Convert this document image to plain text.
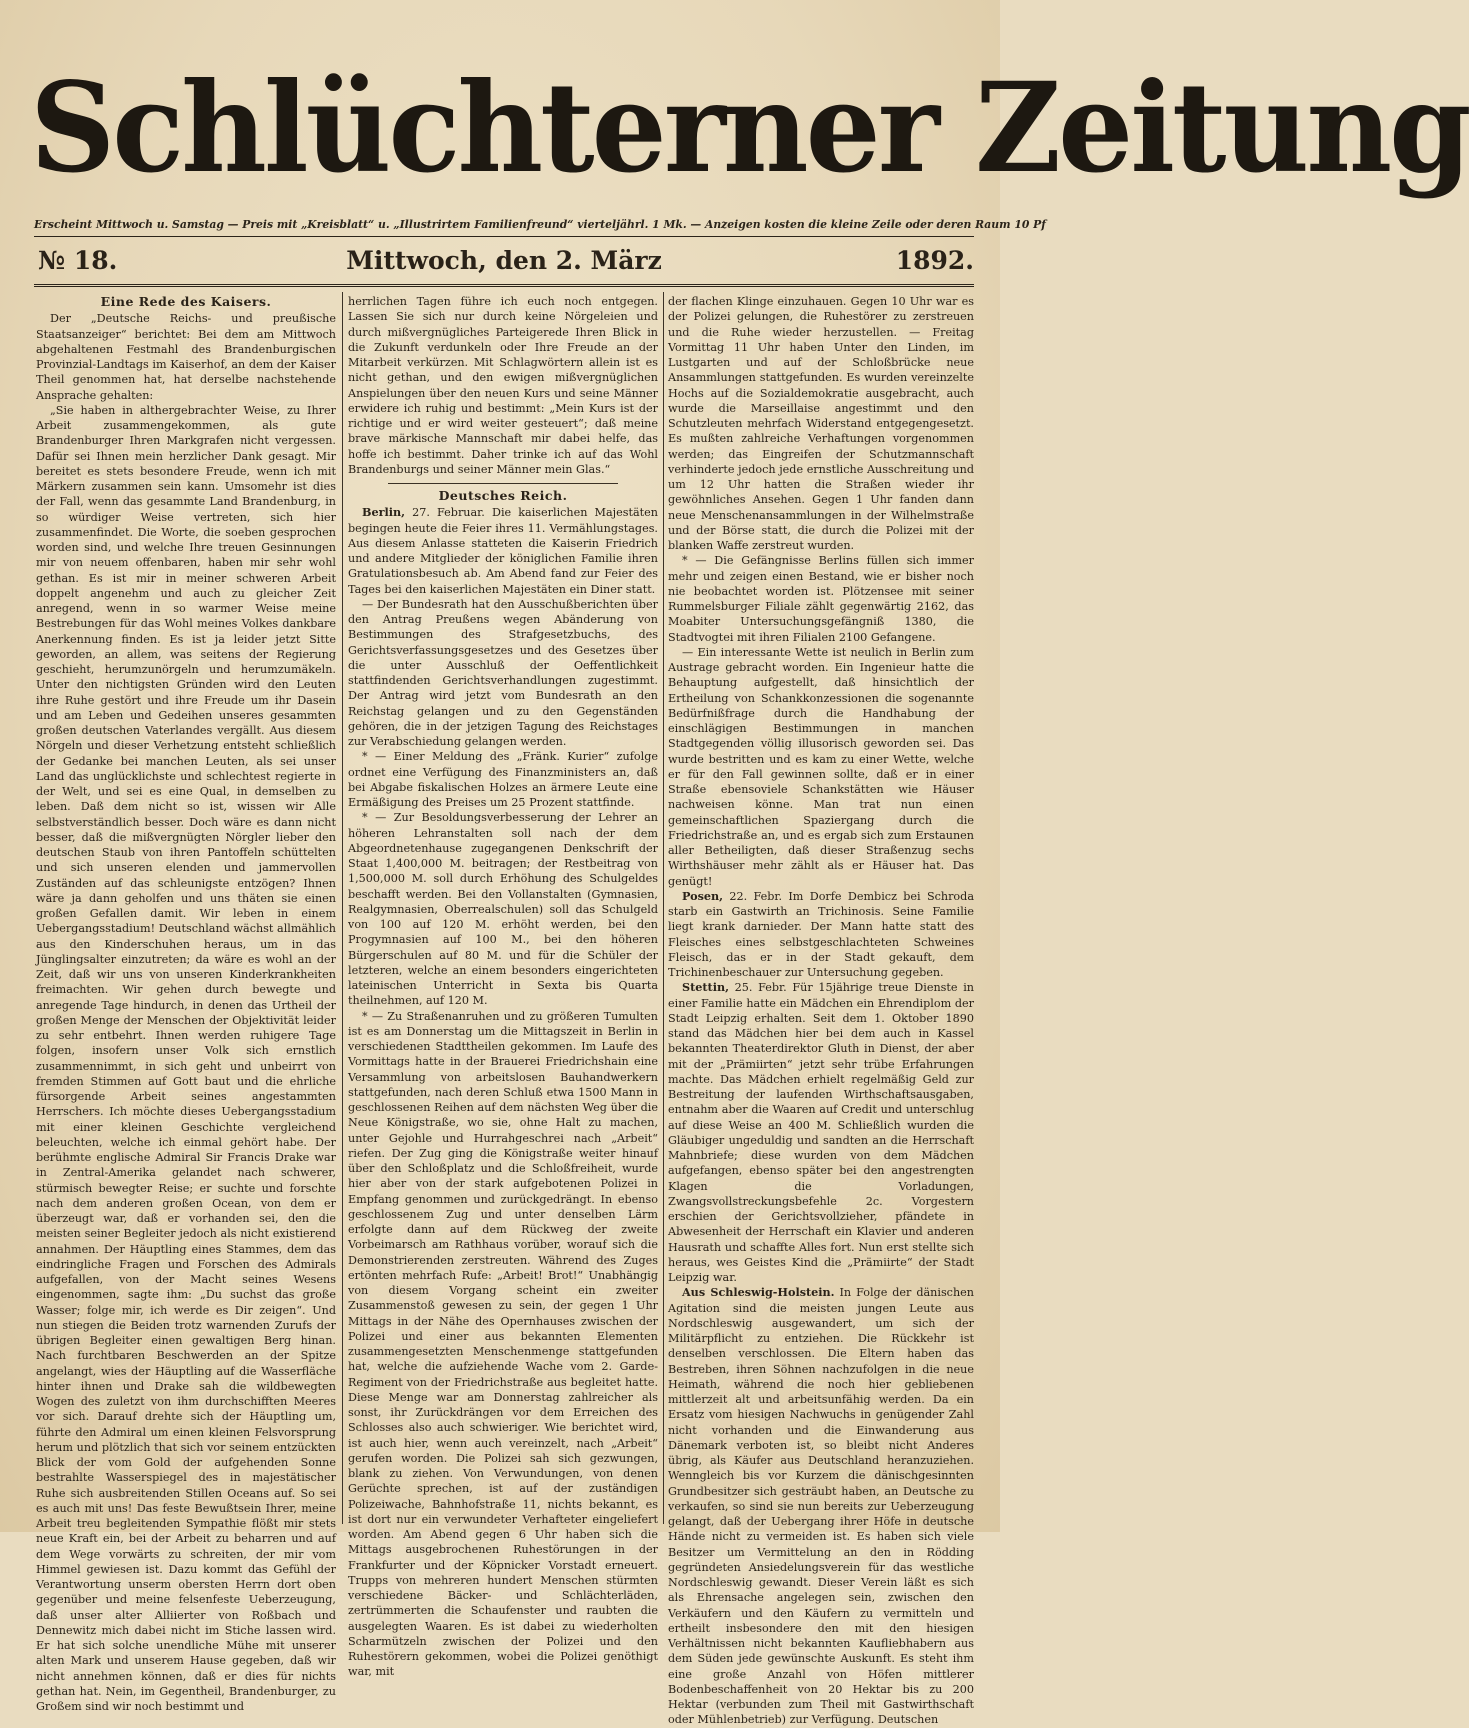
Schlüchterner Zeitung
Erscheint Mittwoch u. Samstag — Preis mit „Kreisblatt“ u. „Illustrirtem Familienfreund“ vierteljährl. 1 Mk. — Anzeigen kosten die kleine Zeile oder deren Raum 10 Pf
№ 18.	Mittwoch, den 2. März	1892.
Eine Rede des Kaisers.

Der „Deutsche Reichs- und preußische Staatsanzeiger“ berichtet: Bei dem am Mittwoch abgehaltenen Festmahl des Brandenburgischen Provinzial-Landtags im Kaiserhof, an dem der Kaiser Theil genommen hat, hat derselbe nachstehende Ansprache gehalten:

„Sie haben in althergebrachter Weise, zu Ihrer Arbeit zusammengekommen, als gute Brandenburger Ihren Markgrafen nicht vergessen. Dafür sei Ihnen mein herzlicher Dank gesagt. Mir bereitet es stets besondere Freude, wenn ich mit Märkern zusammen sein kann. Umsomehr ist dies der Fall, wenn das gesammte Land Brandenburg, in so würdiger Weise vertreten, sich hier zusammenfindet. Die Worte, die soeben gesprochen worden sind, und welche Ihre treuen Gesinnungen mir von neuem offenbaren, haben mir sehr wohl gethan. Es ist mir in meiner schweren Arbeit doppelt angenehm und auch zu gleicher Zeit anregend, wenn in so warmer Weise meine Bestrebungen für das Wohl meines Volkes dankbare Anerkennung finden. Es ist ja leider jetzt Sitte geworden, an allem, was seitens der Regierung geschieht, herumzunörgeln und herumzumäkeln. Unter den nichtigsten Gründen wird den Leuten ihre Ruhe gestört und ihre Freude um ihr Dasein und am Leben und Gedeihen unseres gesammten großen deutschen Vaterlandes vergällt. Aus diesem Nörgeln und dieser Verhetzung entsteht schließlich der Gedanke bei manchen Leuten, als sei unser Land das unglücklichste und schlechtest regierte in der Welt, und sei es eine Qual, in demselben zu leben. Daß dem nicht so ist, wissen wir Alle selbstverständlich besser. Doch wäre es dann nicht besser, daß die mißvergnügten Nörgler lieber den deutschen Staub von ihren Pantoffeln schüttelten und sich unseren elenden und jammervollen Zuständen auf das schleunigste entzögen? Ihnen wäre ja dann geholfen und uns thäten sie einen großen Gefallen damit. Wir leben in einem Uebergangsstadium! Deutschland wächst allmählich aus den Kinderschuhen heraus, um in das Jünglingsalter einzutreten; da wäre es wohl an der Zeit, daß wir uns von unseren Kinderkrankheiten freimachten. Wir gehen durch bewegte und anregende Tage hindurch, in denen das Urtheil der großen Menge der Menschen der Objektivität leider zu sehr entbehrt. Ihnen werden ruhigere Tage folgen, insofern unser Volk sich ernstlich zusammennimmt, in sich geht und unbeirrt von fremden Stimmen auf Gott baut und die ehrliche fürsorgende Arbeit seines angestammten Herrschers. Ich möchte dieses Uebergangsstadium mit einer kleinen Geschichte vergleichend beleuchten, welche ich einmal gehört habe. Der berühmte englische Admiral Sir Francis Drake war in Zentral-Amerika gelandet nach schwerer, stürmisch bewegter Reise; er suchte und forschte nach dem anderen großen Ocean, von dem er überzeugt war, daß er vorhanden sei, den die meisten seiner Begleiter jedoch als nicht existierend annahmen. Der Häuptling eines Stammes, dem das eindringliche Fragen und Forschen des Admirals aufgefallen, von der Macht seines Wesens eingenommen, sagte ihm: „Du suchst das große Wasser; folge mir, ich werde es Dir zeigen“. Und nun stiegen die Beiden trotz warnenden Zurufs der übrigen Begleiter einen gewaltigen Berg hinan. Nach furchtbaren Beschwerden an der Spitze angelangt, wies der Häuptling auf die Wasserfläche hinter ihnen und Drake sah die wildbewegten Wogen des zuletzt von ihm durchschifften Meeres vor sich. Darauf drehte sich der Häuptling um, führte den Admiral um einen kleinen Felsvorsprung herum und plötzlich that sich vor seinem entzückten Blick der vom Gold der aufgehenden Sonne bestrahlte Wasserspiegel des in majestätischer Ruhe sich ausbreitenden Stillen Oceans auf. So sei es auch mit uns! Das feste Bewußtsein Ihrer, meine Arbeit treu begleitenden Sympathie flößt mir stets neue Kraft ein, bei der Arbeit zu beharren und auf dem Wege vorwärts zu schreiten, der mir vom Himmel gewiesen ist. Dazu kommt das Gefühl der Verantwortung unserm obersten Herrn dort oben gegenüber und meine felsenfeste Ueberzeugung, daß unser alter Alliierter von Roßbach und Dennewitz mich dabei nicht im Stiche lassen wird. Er hat sich solche unendliche Mühe mit unserer alten Mark und unserem Hause gegeben, daß wir nicht annehmen können, daß er dies für nichts gethan hat. Nein, im Gegentheil, Brandenburger, zu Großem sind wir noch bestimmt und

herrlichen Tagen führe ich euch noch entgegen. Lassen Sie sich nur durch keine Nörgeleien und durch mißvergnügliches Parteigerede Ihren Blick in die Zukunft verdunkeln oder Ihre Freude an der Mitarbeit verkürzen. Mit Schlagwörtern allein ist es nicht gethan, und den ewigen mißvergnüglichen Anspielungen über den neuen Kurs und seine Männer erwidere ich ruhig und bestimmt: „Mein Kurs ist der richtige und er wird weiter gesteuert“; daß meine brave märkische Mannschaft mir dabei helfe, das hoffe ich bestimmt. Daher trinke ich auf das Wohl Brandenburgs und seiner Männer mein Glas.“

Deutsches Reich.

Berlin, 27. Februar. Die kaiserlichen Majestäten begingen heute die Feier ihres 11. Vermählungstages. Aus diesem Anlasse statteten die Kaiserin Friedrich und andere Mitglieder der königlichen Familie ihren Gratulationsbesuch ab. Am Abend fand zur Feier des Tages bei den kaiserlichen Majestäten ein Diner statt.

— Der Bundesrath hat den Ausschußberichten über den Antrag Preußens wegen Abänderung von Bestimmungen des Strafgesetzbuchs, des Gerichtsverfassungsgesetzes und des Gesetzes über die unter Ausschluß der Oeffentlichkeit stattfindenden Gerichtsverhandlungen zugestimmt. Der Antrag wird jetzt vom Bundesrath an den Reichstag gelangen und zu den Gegenständen gehören, die in der jetzigen Tagung des Reichstages zur Verabschiedung gelangen werden.

* — Einer Meldung des „Fränk. Kurier“ zufolge ordnet eine Verfügung des Finanzministers an, daß bei Abgabe fiskalischen Holzes an ärmere Leute eine Ermäßigung des Preises um 25 Prozent stattfinde.

* — Zur Besoldungsverbesserung der Lehrer an höheren Lehranstalten soll nach der dem Abgeordnetenhause zugegangenen Denkschrift der Staat 1,400,000 M. beitragen; der Restbeitrag von 1,500,000 M. soll durch Erhöhung des Schulgeldes beschafft werden. Bei den Vollanstalten (Gymnasien, Realgymnasien, Oberrealschulen) soll das Schulgeld von 100 auf 120 M. erhöht werden, bei den Progymnasien auf 100 M., bei den höheren Bürgerschulen auf 80 M. und für die Schüler der letzteren, welche an einem besonders eingerichteten lateinischen Unterricht in Sexta bis Quarta theilnehmen, auf 120 M.

* — Zu Straßenanruhen und zu größeren Tumulten ist es am Donnerstag um die Mittagszeit in Berlin in verschiedenen Stadttheilen gekommen. Im Laufe des Vormittags hatte in der Brauerei Friedrichshain eine Versammlung von arbeitslosen Bauhandwerkern stattgefunden, nach deren Schluß etwa 1500 Mann in geschlossenen Reihen auf dem nächsten Weg über die Neue Königstraße, wo sie, ohne Halt zu machen, unter Gejohle und Hurrahgeschrei nach „Arbeit“ riefen. Der Zug ging die Königstraße weiter hinauf über den Schloßplatz und die Schloßfreiheit, wurde hier aber von der stark aufgebotenen Polizei in Empfang genommen und zurückgedrängt. In ebenso geschlossenem Zug und unter denselben Lärm erfolgte dann auf dem Rückweg der zweite Vorbeimarsch am Rathhaus vorüber, worauf sich die Demonstrierenden zerstreuten. Während des Zuges ertönten mehrfach Rufe: „Arbeit! Brot!“ Unabhängig von diesem Vorgang scheint ein zweiter Zusammenstoß gewesen zu sein, der gegen 1 Uhr Mittags in der Nähe des Opernhauses zwischen der Polizei und einer aus bekannten Elementen zusammengesetzten Menschenmenge stattgefunden hat, welche die aufziehende Wache vom 2. Garde-Regiment von der Friedrichstraße aus begleitet hatte. Diese Menge war am Donnerstag zahlreicher als sonst, ihr Zurückdrängen vor dem Erreichen des Schlosses also auch schwieriger. Wie berichtet wird, ist auch hier, wenn auch vereinzelt, nach „Arbeit“ gerufen worden. Die Polizei sah sich gezwungen, blank zu ziehen. Von Verwundungen, von denen Gerüchte sprechen, ist auf der zuständigen Polizeiwache, Bahnhofstraße 11, nichts bekannt, es ist dort nur ein verwundeter Verhafteter eingeliefert worden. Am Abend gegen 6 Uhr haben sich die Mittags ausgebrochenen Ruhestörungen in der Frankfurter und der Köpnicker Vorstadt erneuert. Trupps von mehreren hundert Menschen stürmten verschiedene Bäcker- und Schlächterläden, zertrümmerten die Schaufenster und raubten die ausgelegten Waaren. Es ist dabei zu wiederholten Scharmützeln zwischen der Polizei und den Ruhestörern gekommen, wobei die Polizei genöthigt war, mit

der flachen Klinge einzuhauen. Gegen 10 Uhr war es der Polizei gelungen, die Ruhestörer zu zerstreuen und die Ruhe wieder herzustellen. — Freitag Vormittag 11 Uhr haben Unter den Linden, im Lustgarten und auf der Schloßbrücke neue Ansammlungen stattgefunden. Es wurden vereinzelte Hochs auf die Sozialdemokratie ausgebracht, auch wurde die Marseillaise angestimmt und den Schutzleuten mehrfach Widerstand entgegengesetzt. Es mußten zahlreiche Verhaftungen vorgenommen werden; das Eingreifen der Schutzmannschaft verhinderte jedoch jede ernstliche Ausschreitung und um 12 Uhr hatten die Straßen wieder ihr gewöhnliches Ansehen. Gegen 1 Uhr fanden dann neue Menschenansammlungen in der Wilhelmstraße und der Börse statt, die durch die Polizei mit der blanken Waffe zerstreut wurden.

* — Die Gefängnisse Berlins füllen sich immer mehr und zeigen einen Bestand, wie er bisher noch nie beobachtet worden ist. Plötzensee mit seiner Rummelsburger Filiale zählt gegenwärtig 2162, das Moabiter Untersuchungsgefängniß 1380, die Stadtvogtei mit ihren Filialen 2100 Gefangene.

— Ein interessante Wette ist neulich in Berlin zum Austrage gebracht worden. Ein Ingenieur hatte die Behauptung aufgestellt, daß hinsichtlich der Ertheilung von Schankkonzessionen die sogenannte Bedürfnißfrage durch die Handhabung der einschlägigen Bestimmungen in manchen Stadtgegenden völlig illusorisch geworden sei. Das wurde bestritten und es kam zu einer Wette, welche er für den Fall gewinnen sollte, daß er in einer Straße ebensoviele Schankstätten wie Häuser nachweisen könne. Man trat nun einen gemeinschaftlichen Spaziergang durch die Friedrichstraße an, und es ergab sich zum Erstaunen aller Betheiligten, daß dieser Straßenzug sechs Wirthshäuser mehr zählt als er Häuser hat. Das genügt!

Posen, 22. Febr. Im Dorfe Dembicz bei Schroda starb ein Gastwirth an Trichinosis. Seine Familie liegt krank darnieder. Der Mann hatte statt des Fleisches eines selbstgeschlachteten Schweines Fleisch, das er in der Stadt gekauft, dem Trichinenbeschauer zur Untersuchung gegeben.

Stettin, 25. Febr. Für 15jährige treue Dienste in einer Familie hatte ein Mädchen ein Ehrendiplom der Stadt Leipzig erhalten. Seit dem 1. Oktober 1890 stand das Mädchen hier bei dem auch in Kassel bekannten Theaterdirektor Gluth in Dienst, der aber mit der „Prämiirten“ jetzt sehr trübe Erfahrungen machte. Das Mädchen erhielt regelmäßig Geld zur Bestreitung der laufenden Wirthschaftsausgaben, entnahm aber die Waaren auf Credit und unterschlug auf diese Weise an 400 M. Schließlich wurden die Gläubiger ungeduldig und sandten an die Herrschaft Mahnbriefe; diese wurden von dem Mädchen aufgefangen, ebenso später bei den angestrengten Klagen die Vorladungen, Zwangsvollstreckungsbefehle 2c. Vorgestern erschien der Gerichtsvollzieher, pfändete in Abwesenheit der Herrschaft ein Klavier und anderen Hausrath und schaffte Alles fort. Nun erst stellte sich heraus, wes Geistes Kind die „Prämiirte“ der Stadt Leipzig war.

Aus Schleswig-Holstein. In Folge der dänischen Agitation sind die meisten jungen Leute aus Nordschleswig ausgewandert, um sich der Militärpflicht zu entziehen. Die Rückkehr ist denselben verschlossen. Die Eltern haben das Bestreben, ihren Söhnen nachzufolgen in die neue Heimath, während die noch hier gebliebenen mittlerzeit alt und arbeitsunfähig werden. Da ein Ersatz vom hiesigen Nachwuchs in genügender Zahl nicht vorhanden und die Einwanderung aus Dänemark verboten ist, so bleibt nicht Anderes übrig, als Käufer aus Deutschland heranzuziehen. Wenngleich bis vor Kurzem die dänischgesinnten Grundbesitzer sich gesträubt haben, an Deutsche zu verkaufen, so sind sie nun bereits zur Ueberzeugung gelangt, daß der Uebergang ihrer Höfe in deutsche Hände nicht zu vermeiden ist. Es haben sich viele Besitzer um Vermittelung an den in Rödding gegründeten Ansiedelungsverein für das westliche Nordschleswig gewandt. Dieser Verein läßt es sich als Ehrensache angelegen sein, zwischen den Verkäufern und den Käufern zu vermitteln und ertheilt insbesondere den mit den hiesigen Verhältnissen nicht bekannten Kaufliebhabern aus dem Süden jede gewünschte Auskunft. Es steht ihm eine große Anzahl von Höfen mittlerer Bodenbeschaffenheit von 20 Hektar bis zu 200 Hektar (verbunden zum Theil mit Gastwirthschaft oder Mühlenbetrieb) zur Verfügung. Deutschen
